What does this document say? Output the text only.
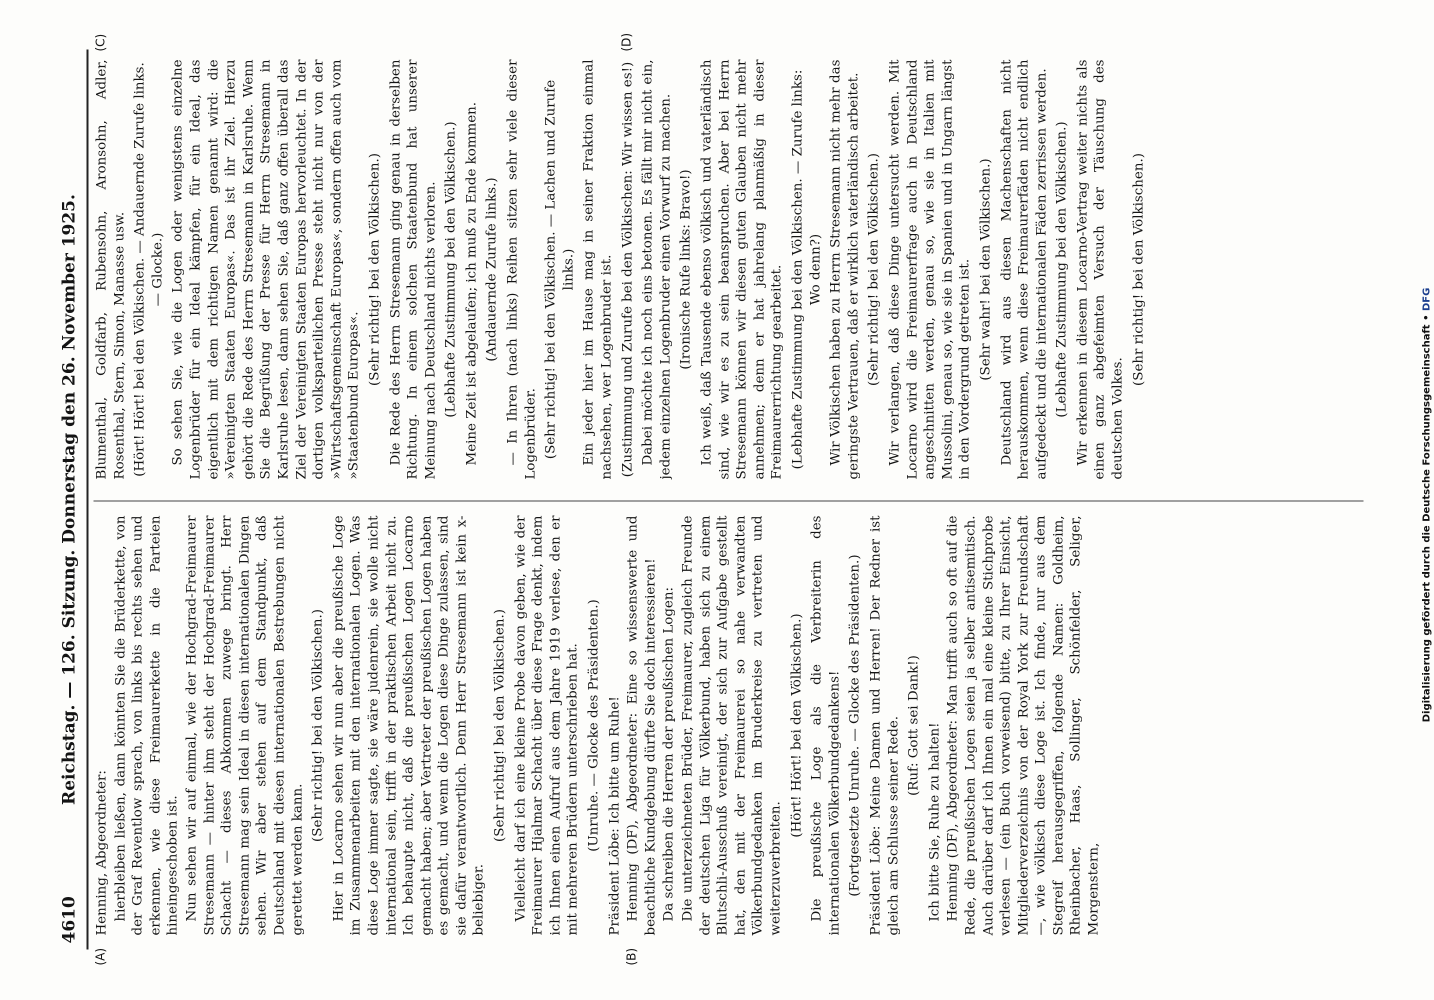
4610
Reichstag. — 126. Sitzung. Donnerstag den 26. November 1925.
(A)	(B)
(C)	(D)

Henning, Abgeordneter: hierbleiben ließen, dann könnten Sie die Brüderkette, von der Graf Reventlow sprach, von links bis rechts sehen und erkennen, wie diese Freimaurerkette in die Parteien hineingeschoben ist. Nun sehen wir auf einmal, wie der Hochgrad-Freimaurer Stresemann — hinter ihm steht der Hochgrad-Freimaurer Schacht — dieses Abkommen zuwege bringt. Herr Stresemann mag sein Ideal in diesen internationalen Dingen sehen. Wir aber stehen auf dem Standpunkt, daß Deutschland mit diesen internationalen Bestrebungen nicht gerettet werden kann.

(Sehr richtig! bei den Völkischen.) Hier in Locarno sehen wir nun aber die preußische Loge im Zusammenarbeiten mit den internationalen Logen. Was diese Loge immer sagte, sie wäre judenrein, sie wolle nicht international sein, trifft in der praktischen Arbeit nicht zu. Ich behaupte nicht, daß die preußischen Logen Locarno gemacht haben; aber Vertreter der preußischen Logen haben es gemacht, und wenn die Logen diese Dinge zulassen, sind sie dafür verantwortlich. Denn Herr Stresemann ist kein x-beliebiger.

(Sehr richtig! bei den Völkischen.) Vielleicht darf ich eine kleine Probe davon geben, wie der Freimaurer Hjalmar Schacht über diese Frage denkt, indem ich Ihnen einen Aufruf aus dem Jahre 1919 verlese, den er mit mehreren Brüdern unterschrieben hat. (Unruhe. — Glocke des Präsidenten.) Präsident Löbe: Ich bitte um Ruhe! Henning (DF), Abgeordneter: Eine so wissenswerte und beachtliche Kundgebung dürfte Sie doch interessieren! Da schreiben die Herren der preußischen Logen: Die unterzeichneten Brüder, Freimaurer, zugleich Freunde der deutschen Liga für Völkerbund, haben sich zu einem Blutschli-Ausschuß vereinigt, der sich zur Aufgabe gestellt hat, den mit der Freimaurerei so nahe verwandten Völkerbundgedanken im Bruderkreise zu vertreten und weiterzuverbreiten.

(Hört! Hört! bei den Völkischen.) Die preußische Loge als die Verbreiterin des internationalen Völkerbundgedankens! (Fortgesetzte Unruhe. — Glocke des Präsidenten.) Präsident Löbe: Meine Damen und Herren! Der Redner ist gleich am Schlusse seiner Rede. (Ruf: Gott sei Dank!) Ich bitte Sie, Ruhe zu halten! Henning (DF), Abgeordneter: Man trifft auch so oft auf die Rede, die preußischen Logen seien ja selber antisemitisch. Auch darüber darf ich Ihnen ein mal eine kleine Stichprobe verlesen — (ein Buch vorweisend) bitte, zu Ihrer Einsicht, Mitgliederverzeichnis von der Royal York zur Freundschaft —, wie völkisch diese Loge ist. Ich finde, nur aus dem Stegreif herausgegriffen, folgende Namen: Goldheim, Rheinbacher, Haas, Sollinger, Schönfelder, Seliger, Morgenstern,

Blumenthal, Goldfarb, Rubensohn, Aronsohn, Adler, Rosenthal, Stern, Simon, Manasse usw. (Hört! Hört! bei den Völkischen. — Andauernde Zurufe links. — Glocke.) So sehen Sie, wie die Logen oder wenigstens einzelne Logenbrüder für ein Ideal kämpfen, für ein Ideal, das eigentlich mit dem richtigen Namen genannt wird: die »Vereinigten Staaten Europas«. Das ist ihr Ziel. Hierzu gehört die Rede des Herrn Stresemann in Karlsruhe. Wenn Sie die Begrüßung der Presse für Herrn Stresemann in Karlsruhe lesen, dann sehen Sie, daß ganz offen überall das Ziel der Vereinigten Staaten Europas hervorleuchtet. In der dortigen volksparteilichen Presse steht nicht nur von der »Wirtschaftsgemeinschaft Europas«, sondern offen auch vom »Staatenbund Europas«.

(Sehr richtig! bei den Völkischen.) Die Rede des Herrn Stresemann ging genau in derselben Richtung. In einem solchen Staatenbund hat unserer Meinung nach Deutschland nichts verloren. (Lebhafte Zustimmung bei den Völkischen.) Meine Zeit ist abgelaufen; ich muß zu Ende kommen. (Andauernde Zurufe links.) — In Ihren (nach links) Reihen sitzen sehr viele dieser Logenbrüder. (Sehr richtig! bei den Völkischen. — Lachen und Zurufe links.) Ein jeder hier im Hause mag in seiner Fraktion einmal nachsehen, wer Logenbruder ist. (Zustimmung und Zurufe bei den Völkischen: Wir wissen es!) Dabei möchte ich noch eins betonen. Es fällt mir nicht ein, jedem einzelnen Logenbruder einen Vorwurf zu machen. (Ironische Rufe links: Bravo!) Ich weiß, daß Tausende ebenso völkisch und vaterländisch sind, wie wir es zu sein beanspruchen. Aber bei Herrn Stresemann können wir diesen guten Glauben nicht mehr annehmen; denn er hat jahrelang planmäßig in dieser Freimaurerrichtung gearbeitet. (Lebhafte Zustimmung bei den Völkischen. — Zurufe links: Wo denn?) Wir Völkischen haben zu Herrn Stresemann nicht mehr das geringste Vertrauen, daß er wirklich vaterländisch arbeitet. (Sehr richtig! bei den Völkischen.) Wir verlangen, daß diese Dinge untersucht werden. Mit Locarno wird die Freimaurerfrage auch in Deutschland angeschnitten werden, genau so, wie sie in Italien mit Mussolini, genau so, wie sie in Spanien und in Ungarn längst in den Vordergrund getreten ist. (Sehr wahr! bei den Völkischen.) Deutschland wird aus diesen Machenschaften nicht herauskommen, wenn diese Freimaurerfäden nicht endlich aufgedeckt und die internationalen Fäden zerrissen werden. (Lebhafte Zustimmung bei den Völkischen.) Wir erkennen in diesem Locarno-Vertrag weiter nichts als einen ganz abgefeimten Versuch der Täuschung des deutschen Volkes.

(Sehr richtig! bei den Völkischen.)

Digitalisierung gefördert durch die Deutsche Forschungsgemeinschaft • DFG
